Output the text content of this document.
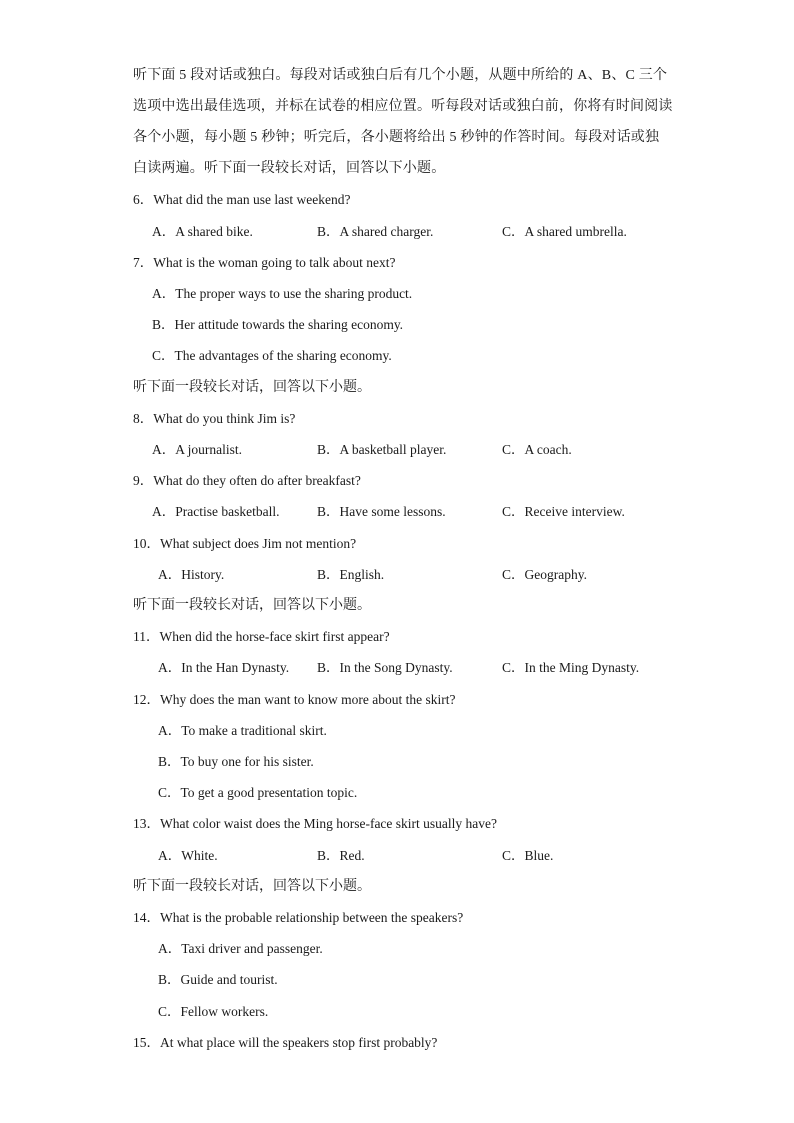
听下面 5 段对话或独白。每段对话或独白后有几个小题，从题中所给的 A、B、C 三个
选项中选出最佳选项，并标在试卷的相应位置。听每段对话或独白前，你将有时间阅读
各个小题，每小题 5 秒钟；听完后，各小题将给出 5 秒钟的作答时间。每段对话或独
白读两遍。听下面一段较长对话，回答以下小题。
6．What did the man use last weekend?
A．A shared bike.	B．A shared charger.	C．A shared umbrella.
7．What is the woman going to talk about next?
A．The proper ways to use the sharing product.
B．Her attitude towards the sharing economy.
C．The advantages of the sharing economy.
听下面一段较长对话，回答以下小题。
8．What do you think Jim is?
A．A journalist.	B．A basketball player.	C．A coach.
9．What do they often do after breakfast?
A．Practise basketball.	B．Have some lessons.	C．Receive interview.
10．What subject does Jim not mention?
A．History.	B．English.	C．Geography.
听下面一段较长对话，回答以下小题。
11．When did the horse-face skirt first appear?
A．In the Han Dynasty. B．In the Song Dynasty.	C．In the Ming Dynasty.
12．Why does the man want to know more about the skirt?
A．To make a traditional skirt.
B．To buy one for his sister.
C．To get a good presentation topic.
13．What color waist does the Ming horse-face skirt usually have?
A．White.	B．Red.	C．Blue.
听下面一段较长对话，回答以下小题。
14．What is the probable relationship between the speakers?
A．Taxi driver and passenger.
B．Guide and tourist.
C．Fellow workers.
15．At what place will the speakers stop first probably?
